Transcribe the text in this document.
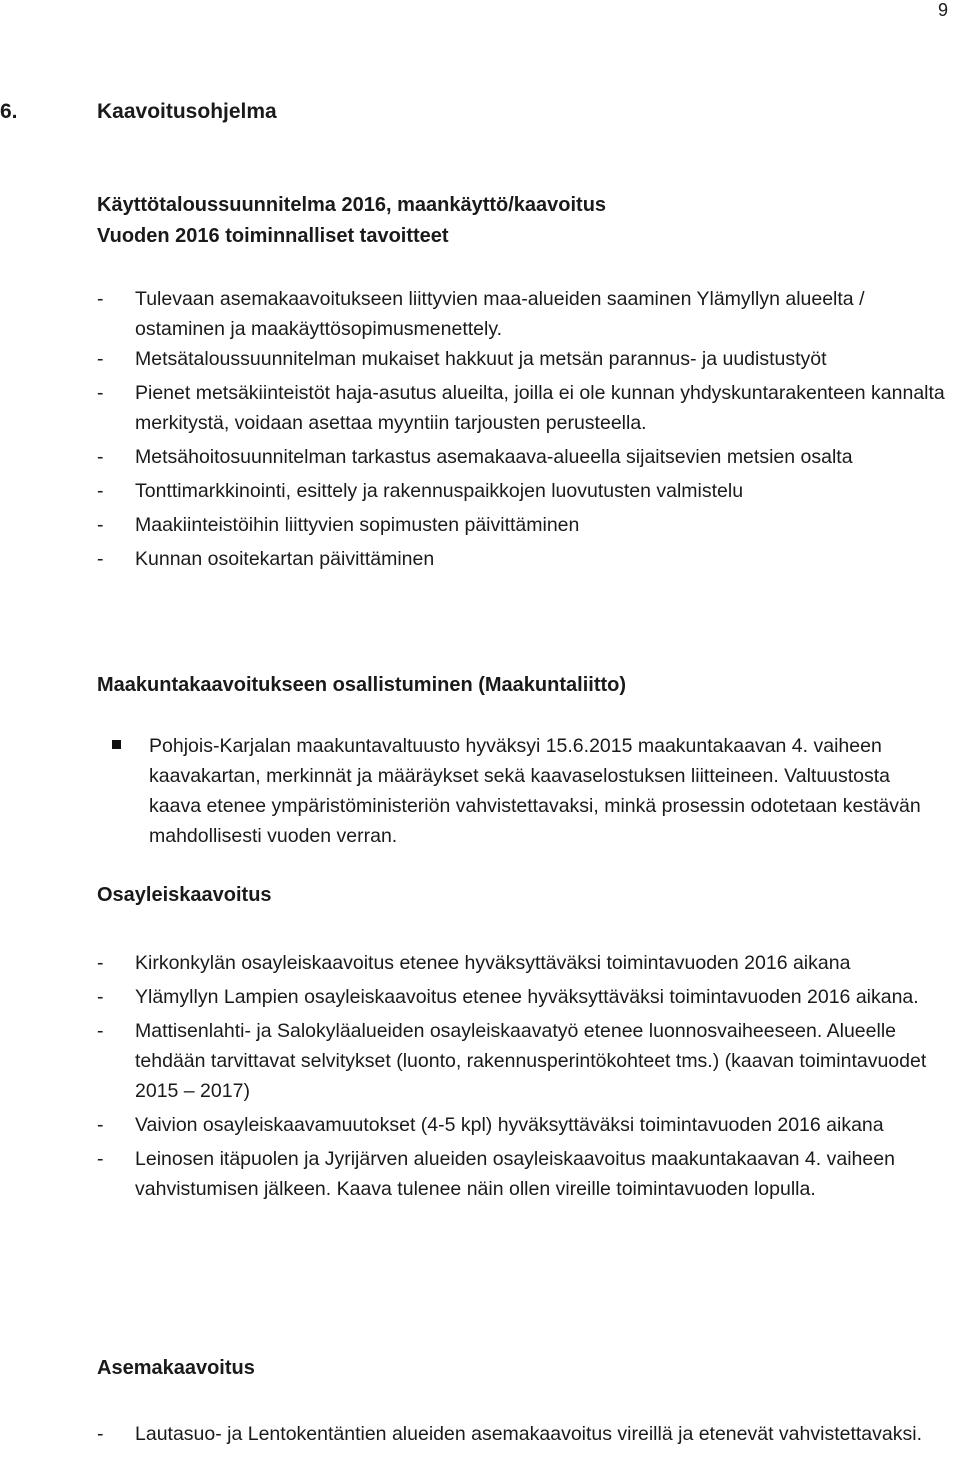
9
6.	Kaavoitusohjelma
Käyttötaloussuunnitelma 2016, maankäyttö/kaavoitus
Vuoden 2016 toiminnalliset tavoitteet
-	Tulevaan asemakaavoitukseen liittyvien maa-alueiden saaminen Ylämyllyn alueelta / ostaminen ja maakäyttösopimusmenettely.
-	Metsätaloussuunnitelman mukaiset hakkuut ja metsän parannus- ja uudistustyöt
-	Pienet metsäkiinteistöt haja-asutus alueilta, joilla ei ole kunnan yhdyskuntarakenteen kannalta merkitystä, voidaan asettaa myyntiin tarjousten perusteella.
-	Metsähoitosuunnitelman tarkastus asemakaava-alueella sijaitsevien metsien osalta
-	Tonttimarkkinointi, esittely ja rakennuspaikkojen luovutusten valmistelu
-	Maakiinteistöihin liittyvien sopimusten päivittäminen
-	Kunnan osoitekartan päivittäminen
Maakuntakaavoitukseen osallistuminen (Maakuntaliitto)
Pohjois-Karjalan maakuntavaltuusto hyväksyi 15.6.2015 maakuntakaavan 4. vaiheen kaavakartan, merkinnät ja määräykset sekä kaavaselostuksen liitteineen. Valtuustosta kaava etenee ympäristöministeriön vahvistettavaksi, minkä prosessin odotetaan kestävän mahdollisesti vuoden verran.
Osayleiskaavoitus
-	Kirkonkylän osayleiskaavoitus etenee hyväksyttäväksi toimintavuoden 2016 aikana
-	Ylämyllyn Lampien osayleiskaavoitus etenee hyväksyttäväksi toimintavuoden 2016 aikana.
-	Mattisenlahti- ja Salokyläalueiden osayleiskaavatyö etenee luonnosvaiheeseen. Alueelle tehdään tarvittavat selvitykset (luonto, rakennusperintökohteet tms.) (kaavan toimintavuodet 2015 – 2017)
-	Vaivion osayleiskaavamuutokset (4-5 kpl) hyväksyttäväksi toimintavuoden 2016 aikana
-	Leinosen itäpuolen ja Jyrijärven alueiden osayleiskaavoitus maakuntakaavan 4. vaiheen vahvistumisen jälkeen. Kaava tulenee näin ollen vireille toimintavuoden lopulla.
Asemakaavoitus
-	Lautasuo- ja Lentokentäntien alueiden asemakaavoitus vireillä ja etenevät vahvistettavaksi.
